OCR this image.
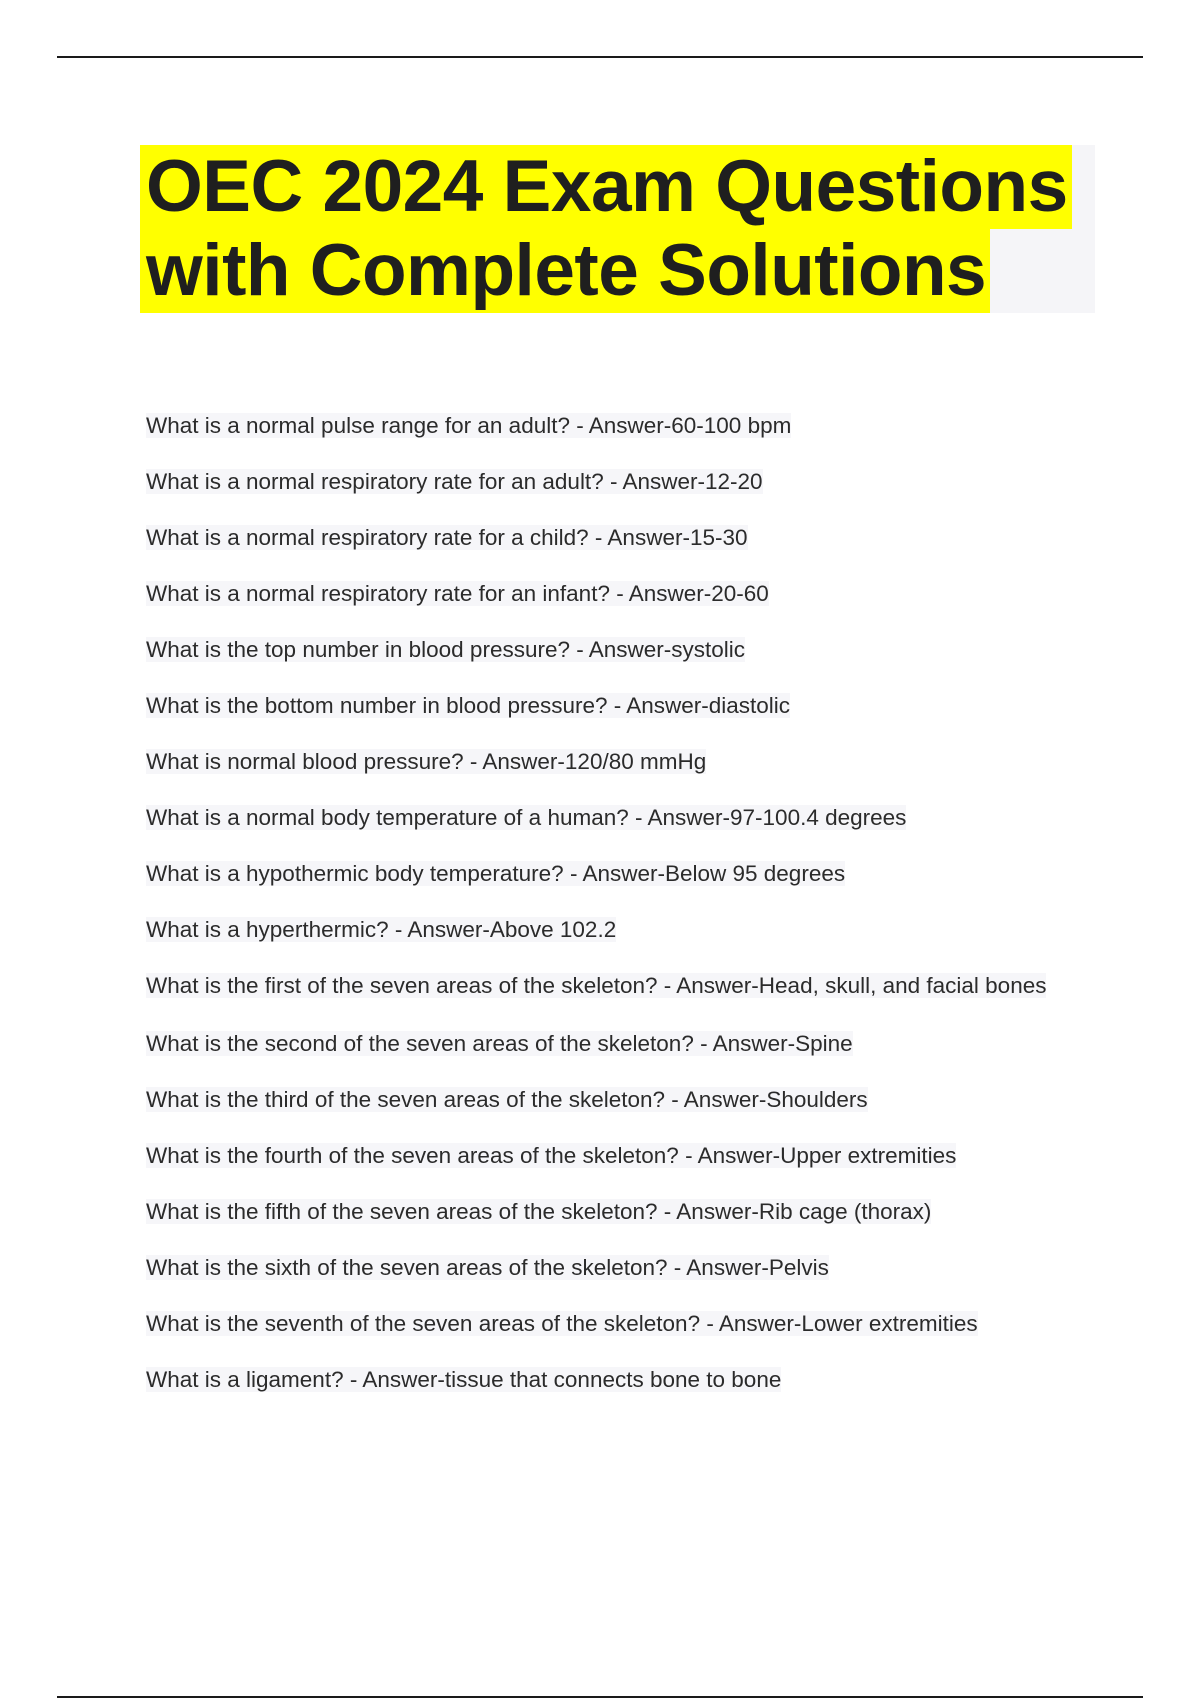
OEC 2024 Exam Questions
with Complete Solutions
What is a normal pulse range for an adult? - Answer-60-100 bpm
What is a normal respiratory rate for an adult? - Answer-12-20
What is a normal respiratory rate for a child? - Answer-15-30
What is a normal respiratory rate for an infant? - Answer-20-60
What is the top number in blood pressure? - Answer-systolic
What is the bottom number in blood pressure? - Answer-diastolic
What is normal blood pressure? - Answer-120/80 mmHg
What is a normal body temperature of a human? - Answer-97-100.4 degrees
What is a hypothermic body temperature? - Answer-Below 95 degrees
What is a hyperthermic? - Answer-Above 102.2
What is the first of the seven areas of the skeleton? - Answer-Head, skull, and facial bones
What is the second of the seven areas of the skeleton? - Answer-Spine
What is the third of the seven areas of the skeleton? - Answer-Shoulders
What is the fourth of the seven areas of the skeleton? - Answer-Upper extremities
What is the fifth of the seven areas of the skeleton? - Answer-Rib cage (thorax)
What is the sixth of the seven areas of the skeleton? - Answer-Pelvis
What is the seventh of the seven areas of the skeleton? - Answer-Lower extremities
What is a ligament? - Answer-tissue that connects bone to bone
